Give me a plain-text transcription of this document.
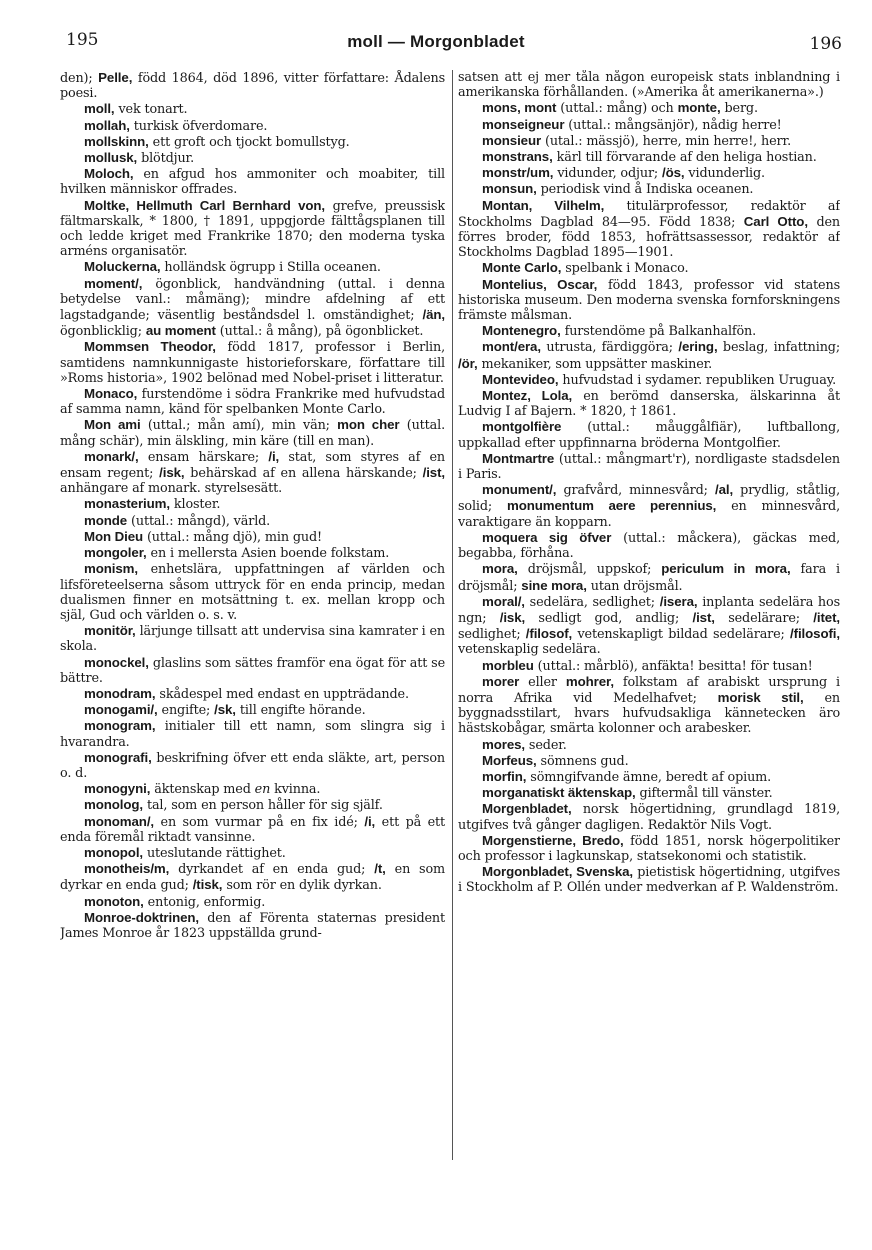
195	moll — Morgonbladet	196

den); Pelle, född 1864, död 1896, vitter författare: Ådalens poesi.

moll, vek tonart.

mollah, turkisk öfverdomare.

mollskinn, ett groft och tjockt bomullstyg.

mollusk, blötdjur.

Moloch, en afgud hos ammoniter och moabiter, till hvilken människor offrades.

Moltke, Hellmuth Carl Bernhard von, grefve, preussisk fältmarskalk, * 1800, † 1891, uppgjorde fälttågsplanen till och ledde kriget med Frankrike 1870; den moderna tyska arméns organisatör.

Moluckerna, holländsk ögrupp i Stilla oceanen.

moment/, ögonblick, handvändning (uttal. i denna betydelse vanl.: måmäng); mindre afdelning af ett lagstadgande; väsentlig beståndsdel l. omständighet; /än, ögonblicklig; au moment (uttal.: å mång), på ögonblicket.

Mommsen Theodor, född 1817, professor i Berlin, samtidens namnkunnigaste historieforskare, författare till »Roms historia», 1902 belönad med Nobel-priset i litteratur.

Monaco, furstendöme i södra Frankrike med hufvudstad af samma namn, känd för spelbanken Monte Carlo.

Mon ami (uttal.; mån amí), min vän; mon cher (uttal. mång schär), min älskling, min käre (till en man).

monark/, ensam härskare; /i, stat, som styres af en ensam regent; /isk, behärskad af en allena härskande; /ist, anhängare af monark. styrelsesätt.

monasterium, kloster.

monde (uttal.: mångd), värld.

Mon Dieu (uttal.: mång djö), min gud!

mongoler, en i mellersta Asien boende folkstam.

monism, enhetslära, uppfattningen af världen och lifsföreteelserna såsom uttryck för en enda princip, medan dualismen finner en motsättning t. ex. mellan kropp och själ, Gud och världen o. s. v.

monitör, lärjunge tillsatt att undervisa sina kamrater i en skola.

monockel, glaslins som sättes framför ena ögat för att se bättre.

monodram, skådespel med endast en uppträdande.

monogami/, engifte; /sk, till engifte hörande.

monogram, initialer till ett namn, som slingra sig i hvarandra.

monografi, beskrifning öfver ett enda släkte, art, person o. d.

monogyni, äktenskap med en kvinna.

monolog, tal, som en person håller för sig själf.

monoman/, en som vurmar på en fix idé; /i, ett på ett enda föremål riktadt vansinne.

monopol, uteslutande rättighet.

monotheis/m, dyrkandet af en enda gud; /t, en som dyrkar en enda gud; /tisk, som rör en dylik dyrkan.

monoton, entonig, enformig.

Monroe-doktrinen, den af Förenta staternas president James Monroe år 1823 uppställda grund-

satsen att ej mer tåla någon europeisk stats inblandning i amerikanska förhållanden. (»Amerika åt amerikanerna».)

mons, mont (uttal.: mång) och monte, berg.

monseigneur (uttal.: mångsänjör), nådig herre!

monsieur (utal.: mässjö), herre, min herre!, herr.

monstrans, kärl till förvarande af den heliga hostian.

monstr/um, vidunder, odjur; /ös, vidunderlig.

monsun, periodisk vind å Indiska oceanen.

Montan, Vilhelm, titulärprofessor, redaktör af Stockholms Dagblad 84—95. Född 1838; Carl Otto, den förres broder, född 1853, hofrättsassessor, redaktör af Stockholms Dagblad 1895—1901.

Monte Carlo, spelbank i Monaco.

Montelius, Oscar, född 1843, professor vid statens historiska museum. Den moderna svenska fornforskningens främste målsman.

Montenegro, furstendöme på Balkanhalfön.

mont/era, utrusta, färdiggöra; /ering, beslag, infattning; /ör, mekaniker, som uppsätter maskiner.

Montevideo, hufvudstad i sydamer. republiken Uruguay.

Montez, Lola, en berömd danserska, älskarinna åt Ludvig I af Bajern. * 1820, † 1861.

montgolfière (uttal.: måuggålfiär), luftballong, uppkallad efter uppfinnarna bröderna Montgolfier.

Montmartre (uttal.: mångmart'r), nordligaste stadsdelen i Paris.

monument/, grafvård, minnesvård; /al, prydlig, ståtlig, solid; monumentum aere perennius, en minnesvård, varaktigare än kopparn.

moquera sig öfver (uttal.: måckera), gäckas med, begabba, förhåna.

mora, dröjsmål, uppskof; periculum in mora, fara i dröjsmål; sine mora, utan dröjsmål.

moral/, sedelära, sedlighet; /isera, inplanta sedelära hos ngn; /isk, sedligt god, andlig; /ist, sedelärare; /itet, sedlighet; /filosof, vetenskapligt bildad sedelärare; /filosofi, vetenskaplig sedelära.

morbleu (uttal.: mårblö), anfäkta! besitta! för tusan!

morer eller mohrer, folkstam af arabiskt ursprung i norra Afrika vid Medelhafvet; morisk stil, en byggnadsstilart, hvars hufvudsakliga kännetecken äro hästskobågar, smärta kolonner och arabesker.

mores, seder.

Morfeus, sömnens gud.

morfin, sömngifvande ämne, beredt af opium.

morganatiskt äktenskap, giftermål till vänster.

Morgenbladet, norsk högertidning, grundlagd 1819, utgifves två gånger dagligen. Redaktör Nils Vogt.

Morgenstierne, Bredo, född 1851, norsk högerpolitiker och professor i lagkunskap, statsekonomi och statistik.

Morgonbladet, Svenska, pietistisk högertidning, utgifves i Stockholm af P. Ollén under medverkan af P. Waldenström.
